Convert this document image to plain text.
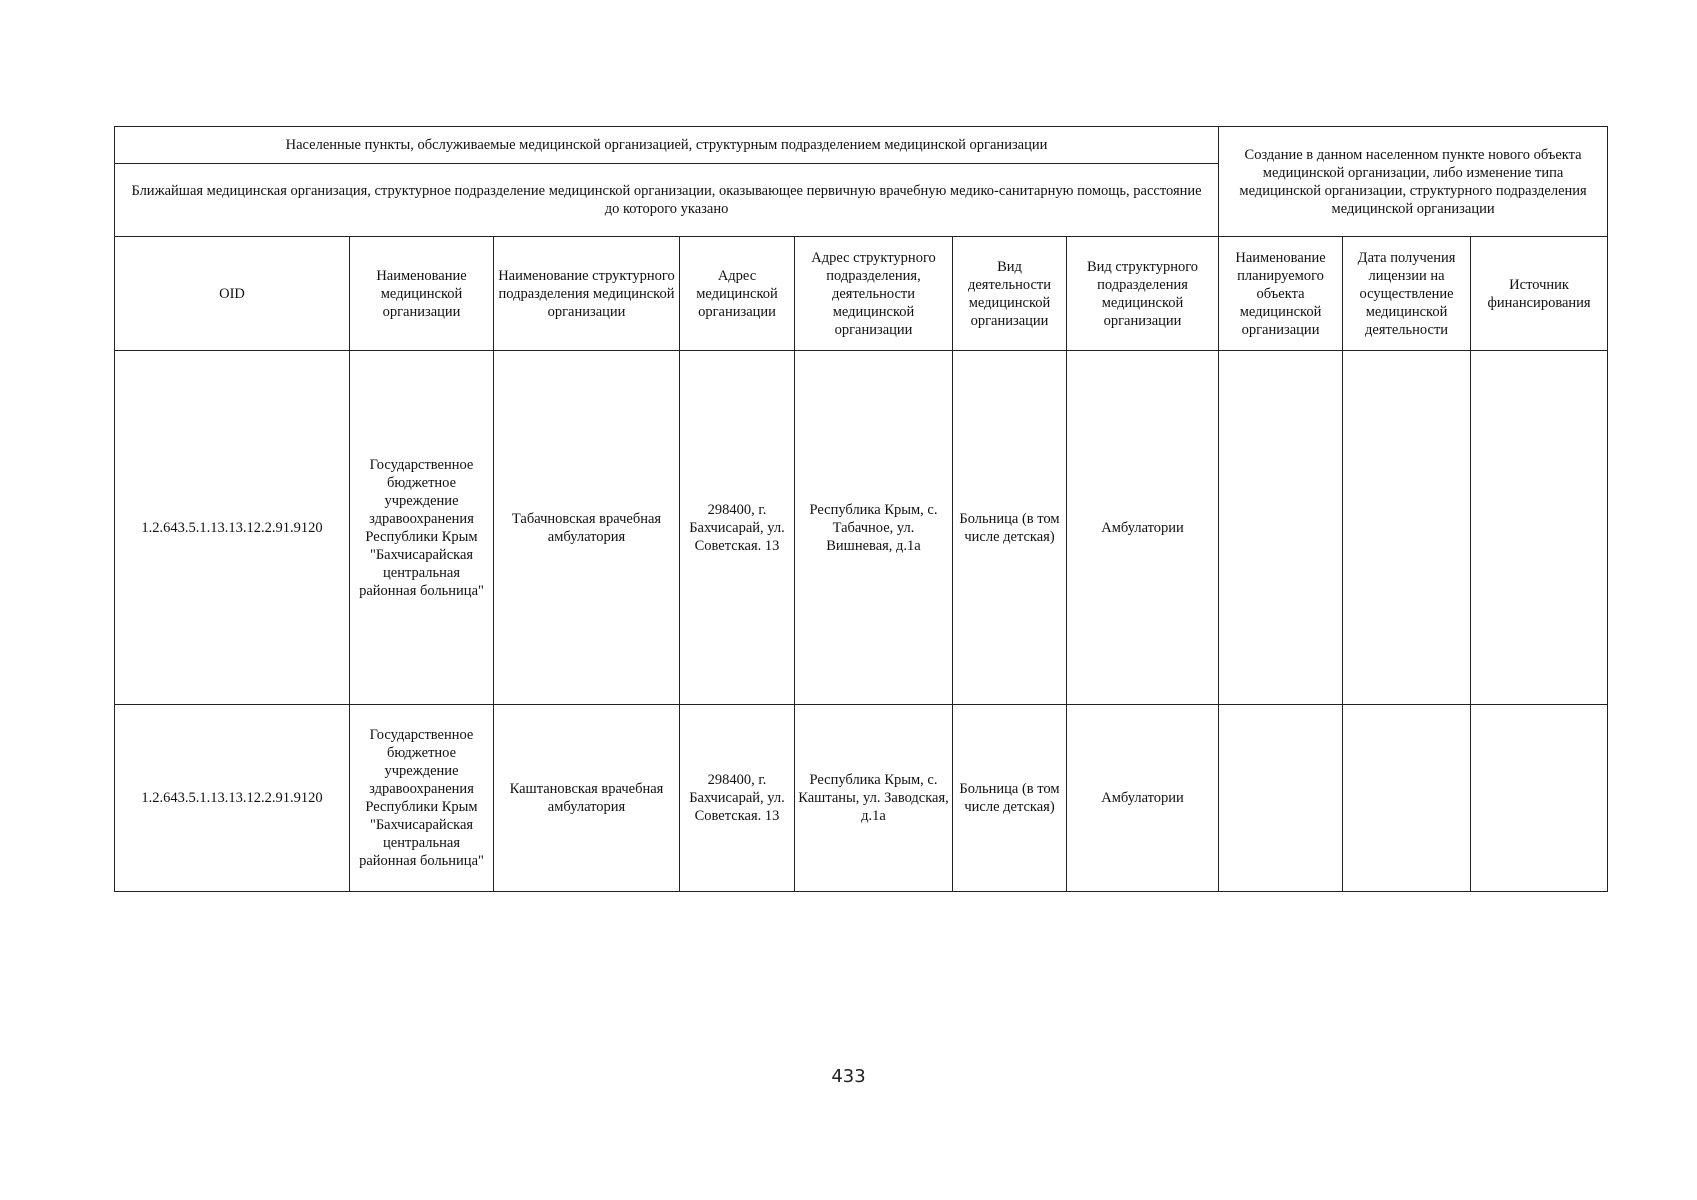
Населенные пункты, обслуживаемые медицинской организацией, структурным подразделением медицинской организации							Создание в данном населенном пункте нового объекта медицинской организации, либо изменение типа медицинской организации, структурного подразделения медицинской организации		
Ближайшая медицинская организация, структурное подразделение медицинской организации, оказывающее первичную врачебную медико-санитарную помощь, расстояние до которого указано									
OID	Наименование медицинской организации	Наименование структурного подразделения медицинской организации	Адрес медицинской организации	Адрес структурного подразделения, деятельности медицинской организации	Вид деятельности медицинской организации	Вид структурного подразделения медицинской организации	Наименование планируемого объекта медицинской организации	Дата получения лицензии на осуществление медицинской деятельности	Источник финансирования
1.2.643.5.1.13.13.12.2.91.9120	Государственное бюджетное учреждение здравоохранения Республики Крым "Бахчисарайская центральная районная больница"	Табачновская врачебная амбулатория	298400, г. Бахчисарай, ул. Советская. 13	Республика Крым, с. Табачное, ул. Вишневая, д.1а	Больница (в том числе детская)	Амбулатории			
1.2.643.5.1.13.13.12.2.91.9120	Государственное бюджетное учреждение здравоохранения Республики Крым "Бахчисарайская центральная районная больница"	Каштановская врачебная амбулатория	298400, г. Бахчисарай, ул. Советская. 13	Республика Крым, с. Каштаны, ул. Заводская, д.1а	Больница (в том числе детская)	Амбулатории			
433
